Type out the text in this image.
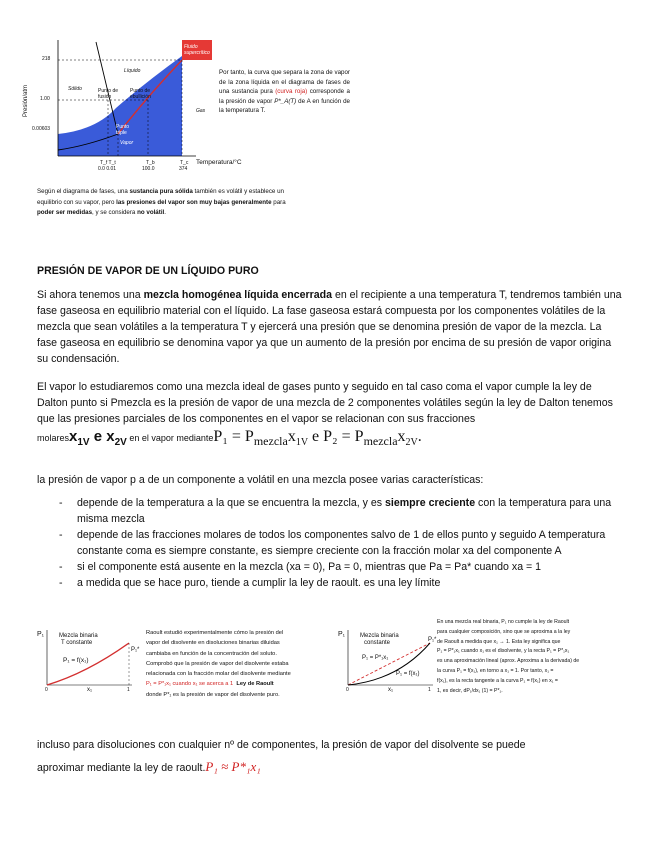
218
1.00
0.00603
Presión/atm
Fluido supercrítico
Líquido
Sólido
Gas
Vapor
Punto de fusión
Punto de ebullición
Punto triple
T_f T_t
0.0 0.01
T_b
100.0
T_c
374
Temperatura/°C
Por tanto, la curva que separa la zona de vapor de la zona líquida en el diagrama de fases de una sustancia pura (curva roja) corresponde a la presión de vapor P*_A(T) de A en función de la temperatura T.
Según el diagrama de fases, una sustancia pura sólida también es volátil y establece un
equilibrio con su vapor, pero las presiones del vapor son muy bajas generalmente para
poder ser medidas, y se considera no volátil.
PRESIÓN DE VAPOR DE UN LÍQUIDO PURO
Si ahora tenemos una mezcla homogénea líquida encerrada en el recipiente a una temperatura T, tendremos también una fase gaseosa en equilibrio material con el líquido. La fase gaseosa estará compuesta por los componentes volátiles de la mezcla que sean volátiles a la temperatura T y ejercerá una presión que se denomina presión de vapor de la mezcla. La fase gaseosa en equilibrio se denomina vapor ya que un aumento de la presión por encima de su presión de vapor origina su condensación.
El vapor lo estudiaremos como una mezcla ideal de gases punto y seguido en tal caso coma el vapor cumple la ley de Dalton punto si Pmezcla es la presión de vapor de una mezcla de 2 componentes volátiles según la ley de Dalton tenemos que las presiones parciales de los componentes en el vapor se relacionan con sus fracciones
molaresx$_{1V}$ e $x_{2V}$ en el vapor medianteP₁ = $P_{mezcla}x_{1V}$ e $P_2 = P_{mezcla}x_{2V}$.
la presión de vapor p a de un componente a volátil en una mezcla posee varias características:
- depende de la temperatura a la que se encuentra la mezcla, y es siempre creciente con la temperatura para una misma mezcla
- depende de las fracciones molares de todos los componentes salvo de 1 de ellos punto y seguido A temperatura constante coma es siempre constante, es siempre creciente con la fracción molar xa del componente A
- si el componente está ausente en la mezcla (xa = 0), Pa = 0, mientras que Pa = Pa* cuando xa = 1
- a medida que se hace puro, tiende a cumplir la ley de raoult. es una ley límite
P₁ Mezcla binaria
T constante
P₁ = f(x₁)
P₁*
0	x₁	1
Raoult estudió experimentalmente cómo la presión del
vapor del disolvente en disoluciones binarias diluidas
cambiaba en función de la concentración del soluto.
Comprobó que la presión de vapor del disolvente estaba
relacionada con la fracción molar del disolvente mediante
P₁ = P*₁x₁ cuando x₁ se acerca a 1 Ley de Raoult
donde P*₁ es la presión de vapor del disolvente puro.
P₁ Mezcla binaria
constante
P₁ = P*₁x₁
P₁ = f(x₁)
P₁*
0	x₁	1
En una mezcla real binaria, P₁ no cumple la ley de Raoult
para cualquier composición, sino que se aproxima a la ley
de Raoult a medida que x₁ → 1. Esta ley significa que
P₁ = P*₁x₁ cuando x₁ es el disolvente, y la recta P₁ = P*₁x₁
es una aproximación lineal (aprox. Aproxima a la derivada) de
la curva P₁ = f(x₁), en torno a x₁ = 1. Por tanto, x₁ =
f(x₁), es la recta tangente a la curva P₁ = f(x₁) en x₁ =
1, es decir, dP₁/dx₁ (1) = P*₁.
incluso para disoluciones con cualquier nº de componentes, la presión de vapor del disolvente se puede
aproximar mediante la ley de raoult.P₁ ≈ P*₁x₁
